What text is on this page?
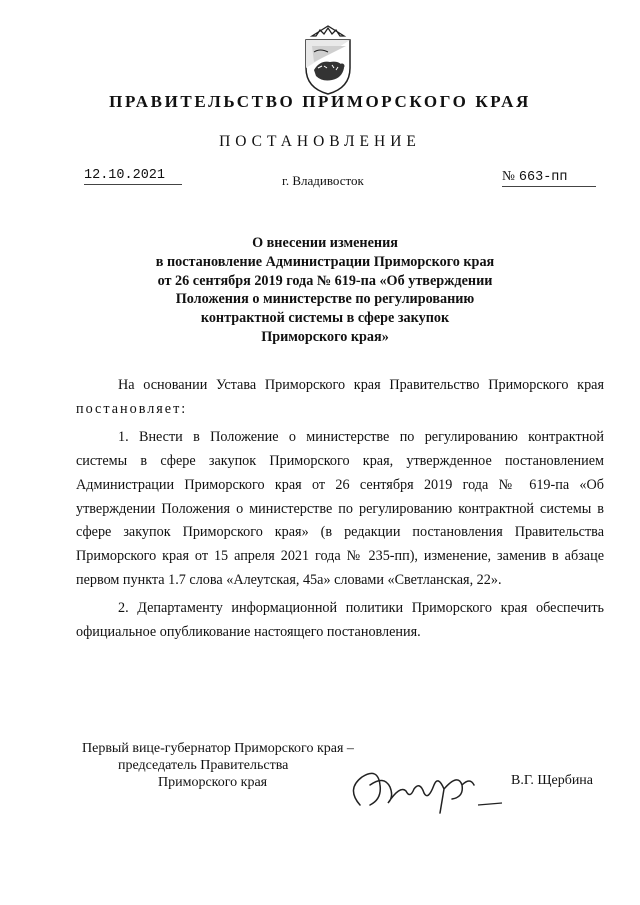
ПРАВИТЕЛЬСТВО ПРИМОРСКОГО КРАЯ
ПОСТАНОВЛЕНИЕ
12.10.2021	г. Владивосток	№ 663-пп
О внесении изменения
в постановление Администрации Приморского края
от 26 сентября 2019 года № 619-па «Об утверждении
Положения о министерстве по регулированию
контрактной системы в сфере закупок
Приморского края»

На основании Устава Приморского края Правительство Приморского края постановляет:

1. Внести в Положение о министерстве по регулированию контрактной системы в сфере закупок Приморского края, утвержденное постановлением Администрации Приморского края от 26 сентября 2019 года № 619-па «Об утверждении Положения о министерстве по регулированию контрактной системы в сфере закупок Приморского края» (в редакции постановления Правительства Приморского края от 15 апреля 2021 года № 235-пп), изменение, заменив в абзаце первом пункта 1.7 слова «Алеутская, 45а» словами «Светланская, 22».

2. Департаменту информационной политики Приморского края обеспечить официальное опубликование настоящего постановления.

Первый вице-губернатор Приморского края –
председатель Правительства
Приморского края	В.Г. Щербина
